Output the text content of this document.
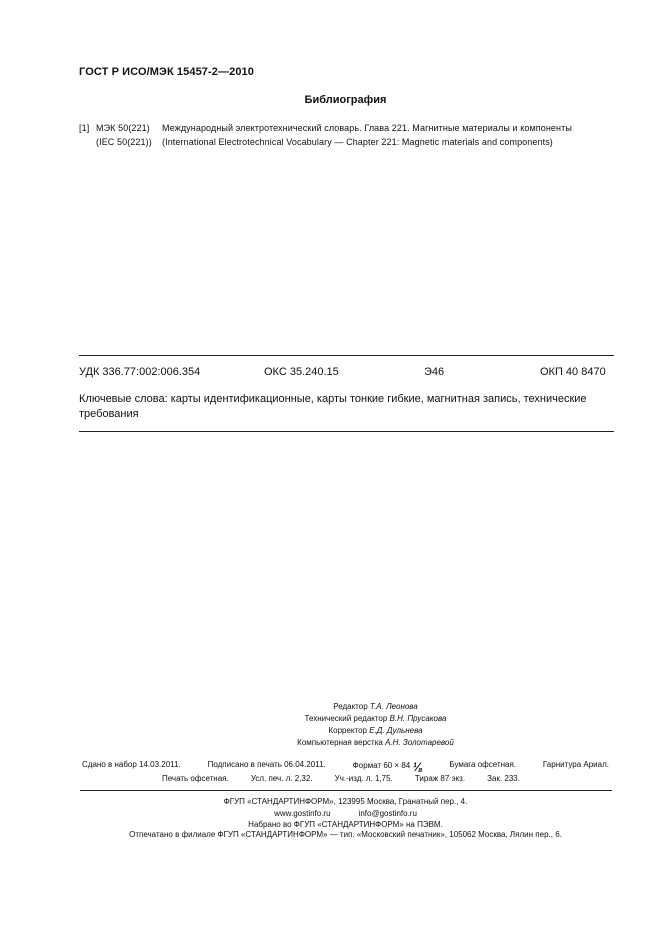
ГОСТ Р ИСО/МЭК 15457-2—2010
Библиография
[1] МЭК 50(221) Международный электротехнический словарь. Глава 221. Магнитные материалы и компоненты
(IEC 50(221)) (International Electrotechnical Vocabulary — Chapter 221: Magnetic materials and components)
УДК 336.77:002:006.354	ОКС 35.240.15	Э46	ОКП 40 8470
Ключевые слова: карты идентификационные, карты тонкие гибкие, магнитная запись, технические требования
Редактор Т.А. Леонова
Технический редактор В.Н. Прусакова
Корректор Е.Д. Дульнева
Компьютерная верстка А.Н. Золотаревой
Сдано в набор 14.03.2011.	Подписано в печать 06.04.2011.	Формат 60 × 84 ⅛	Бумага офсетная.	Гарнитура Ариал.
Печать офсетная.	Усл. печ. л. 2,32.	Уч.-изд. л. 1,75.	Тираж 87 экз.	Зак. 233.
ФГУП «СТАНДАРТИНФОРМ», 123995 Москва, Гранатный пер., 4.
www.gostinfo.ru	info@gostinfo.ru
Набрано во ФГУП «СТАНДАРТИНФОРМ» на ПЭВМ.
Отпечатано в филиале ФГУП «СТАНДАРТИНФОРМ» — тип. «Московский печатник», 105062 Москва, Лялин пер., 6.
